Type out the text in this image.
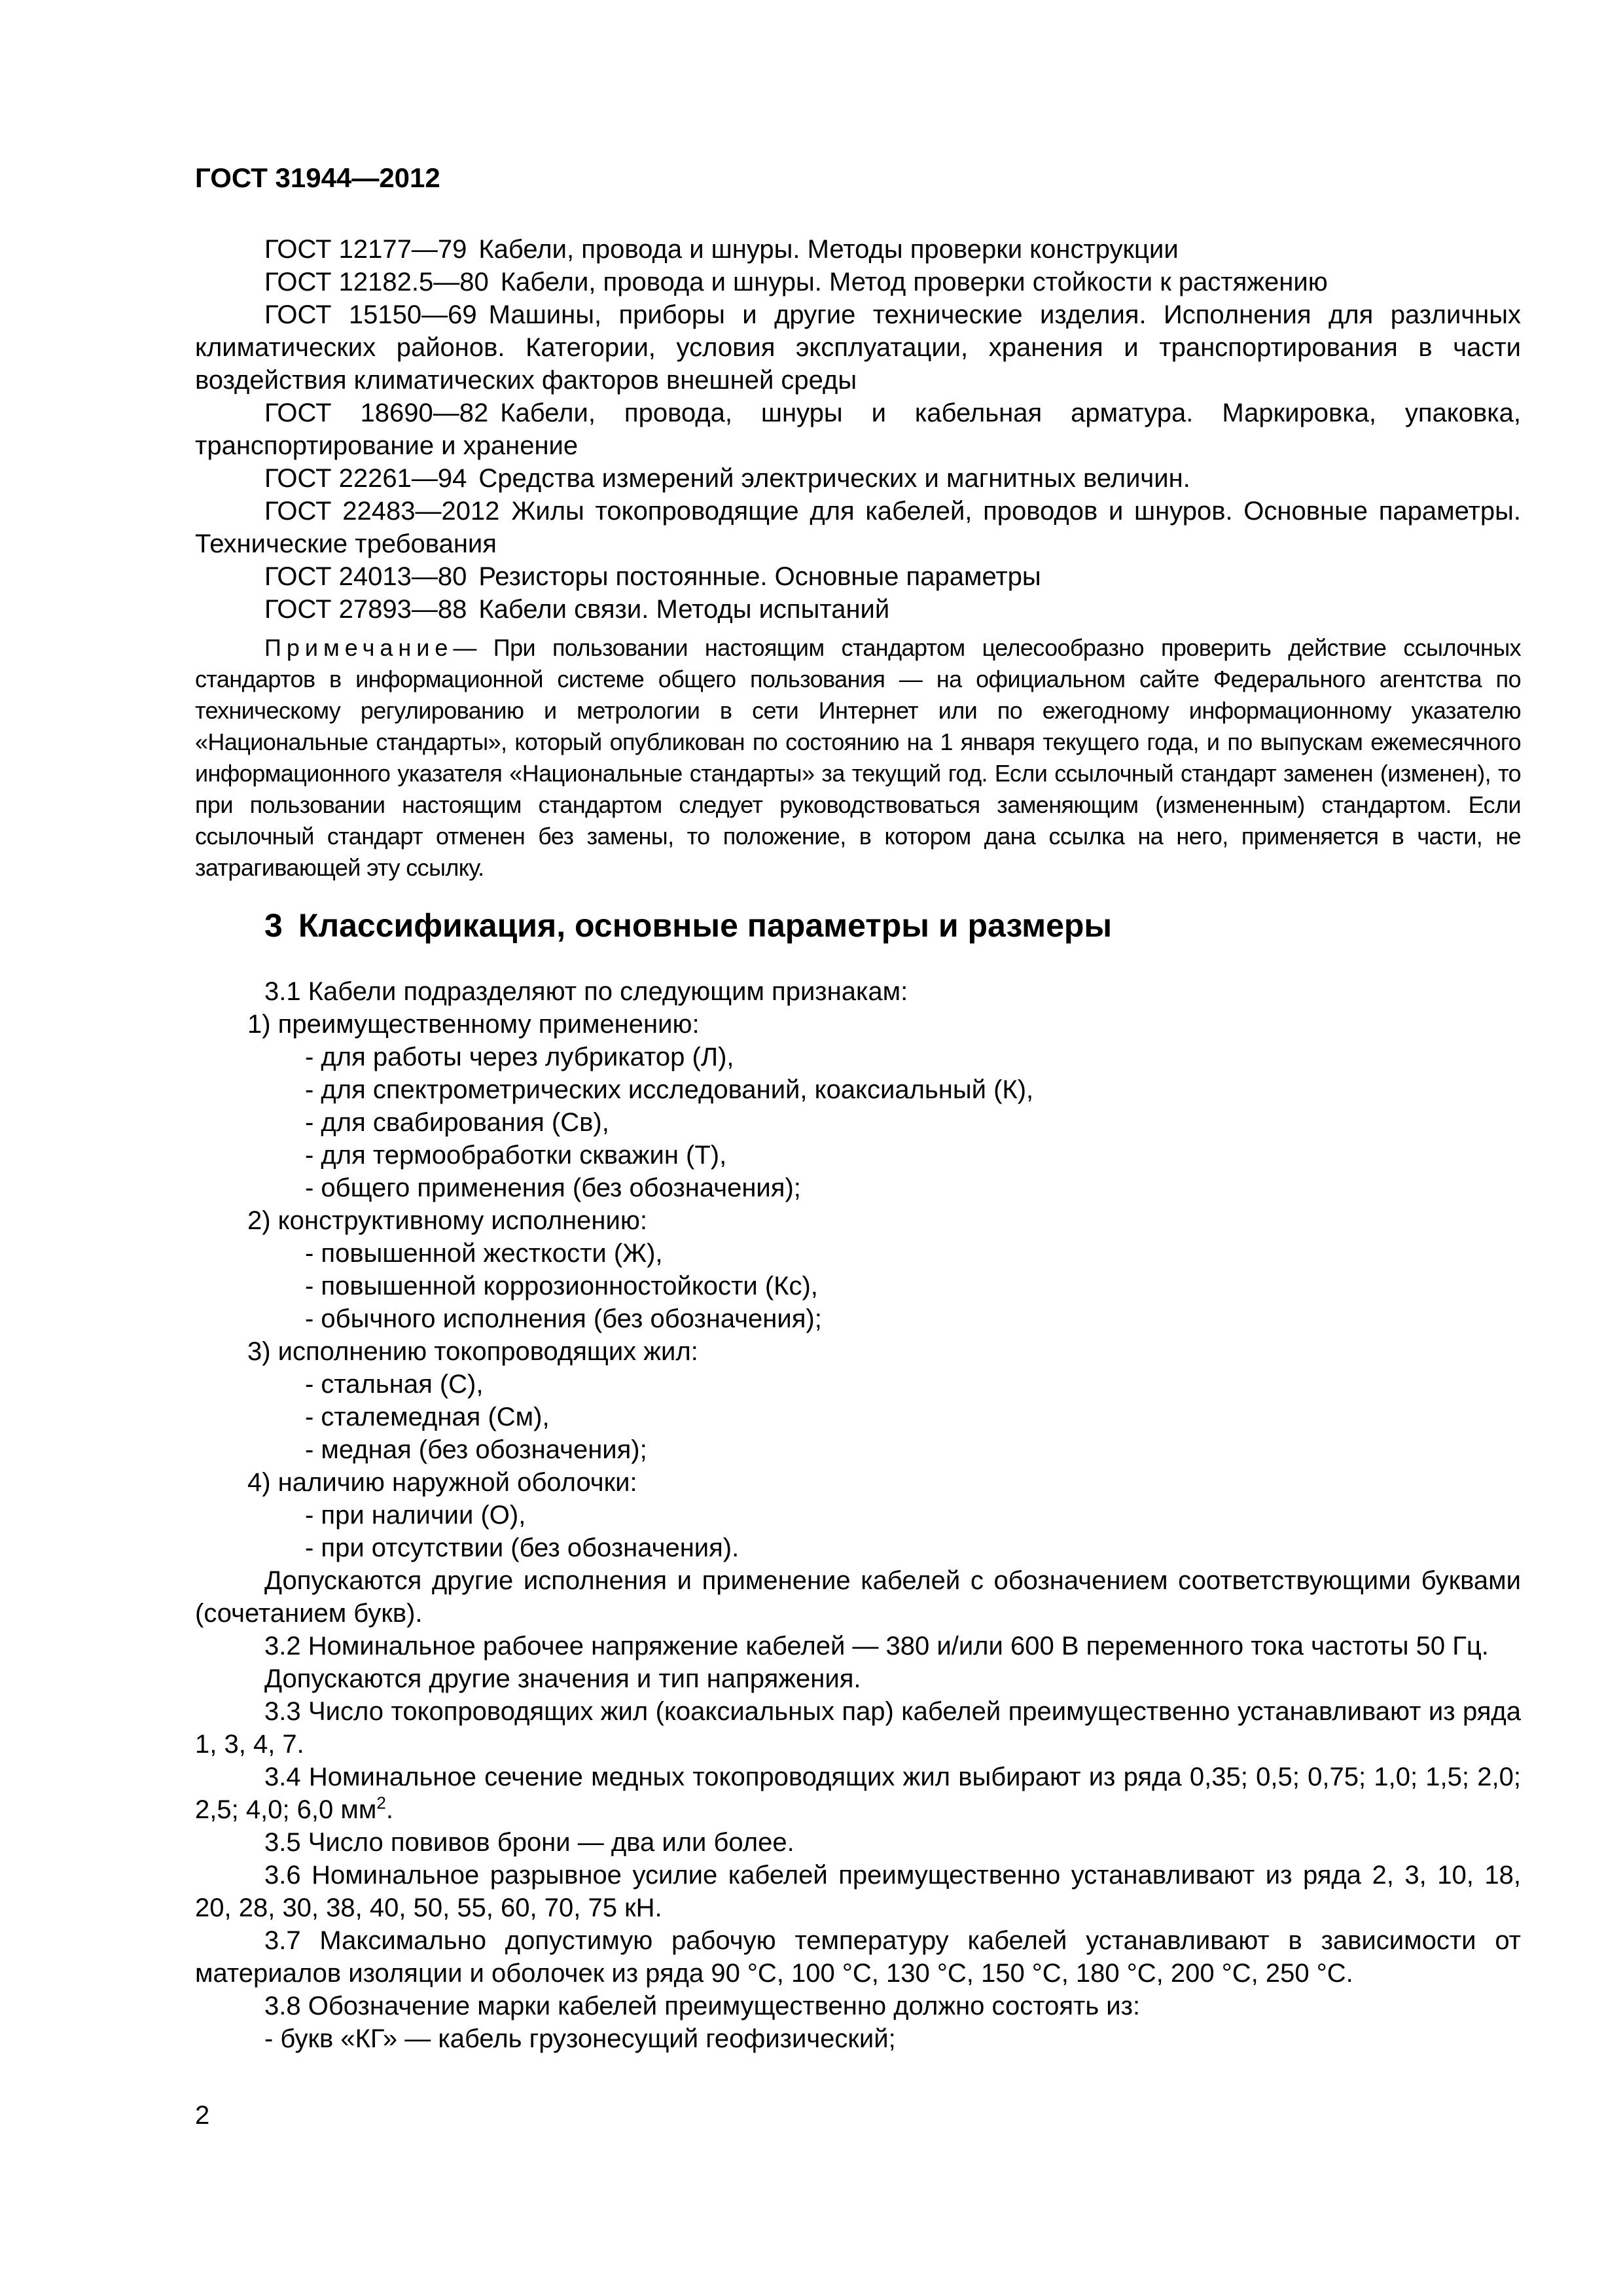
ГОСТ 31944—2012

ГОСТ 12177—79 Кабели, провода и шнуры. Методы проверки конструкции

ГОСТ 12182.5—80 Кабели, провода и шнуры. Метод проверки стойкости к растяжению

ГОСТ 15150—69 Машины, приборы и другие технические изделия. Исполнения для различных климатических районов. Категории, условия эксплуатации, хранения и транспортирования в части воздействия климатических факторов внешней среды

ГОСТ 18690—82 Кабели, провода, шнуры и кабельная арматура. Маркировка, упаковка, транспортирование и хранение

ГОСТ 22261—94 Средства измерений электрических и магнитных величин.

ГОСТ 22483—2012 Жилы токопроводящие для кабелей, проводов и шнуров. Основные параметры. Технические требования

ГОСТ 24013—80 Резисторы постоянные. Основные параметры

ГОСТ 27893—88 Кабели связи. Методы испытаний

Примечание— При пользовании настоящим стандартом целесообразно проверить действие ссылочных стандартов в информационной системе общего пользования — на официальном сайте Федерального агентства по техническому регулированию и метрологии в сети Интернет или по ежегодному информационному указателю «Национальные стандарты», который опубликован по состоянию на 1 января текущего года, и по выпускам ежемесячного информационного указателя «Национальные стандарты» за текущий год. Если ссылочный стандарт заменен (изменен), то при пользовании настоящим стандартом следует руководствоваться заменяющим (измененным) стандартом. Если ссылочный стандарт отменен без замены, то положение, в котором дана ссылка на него, применяется в части, не затрагивающей эту ссылку.

3 Классификация, основные параметры и размеры

3.1 Кабели подразделяют по следующим признакам:

1) преимущественному применению:

- для работы через лубрикатор (Л),

- для спектрометрических исследований, коаксиальный (К),

- для свабирования (Св),

- для термообработки скважин (Т),

- общего применения (без обозначения);

2) конструктивному исполнению:

- повышенной жесткости (Ж),

- повышенной коррозионностойкости (Кс),

- обычного исполнения (без обозначения);

3) исполнению токопроводящих жил:

- стальная (С),

- сталемедная (См),

- медная (без обозначения);

4) наличию наружной оболочки:

- при наличии (О),

- при отсутствии (без обозначения).

Допускаются другие исполнения и применение кабелей с обозначением соответствующими буквами (сочетанием букв).

3.2 Номинальное рабочее напряжение кабелей — 380 и/или 600 В переменного тока частоты 50 Гц.

Допускаются другие значения и тип напряжения.

3.3 Число токопроводящих жил (коаксиальных пар) кабелей преимущественно устанавливают из ряда 1, 3, 4, 7.

3.4 Номинальное сечение медных токопроводящих жил выбирают из ряда 0,35; 0,5; 0,75; 1,0; 1,5; 2,0; 2,5; 4,0; 6,0 $мм^2$.

3.5 Число повивов брони — два или более.

3.6 Номинальное разрывное усилие кабелей преимущественно устанавливают из ряда 2, 3, 10, 18, 20, 28, 30, 38, 40, 50, 55, 60, 70, 75 кН.

3.7 Максимально допустимую рабочую температуру кабелей устанавливают в зависимости от материалов изоляции и оболочек из ряда 90 °С, 100 °С, 130 °С, 150 °С, 180 °С, 200 °С, 250 °С.

3.8 Обозначение марки кабелей преимущественно должно состоять из:

- букв «КГ» — кабель грузонесущий геофизический;

2
